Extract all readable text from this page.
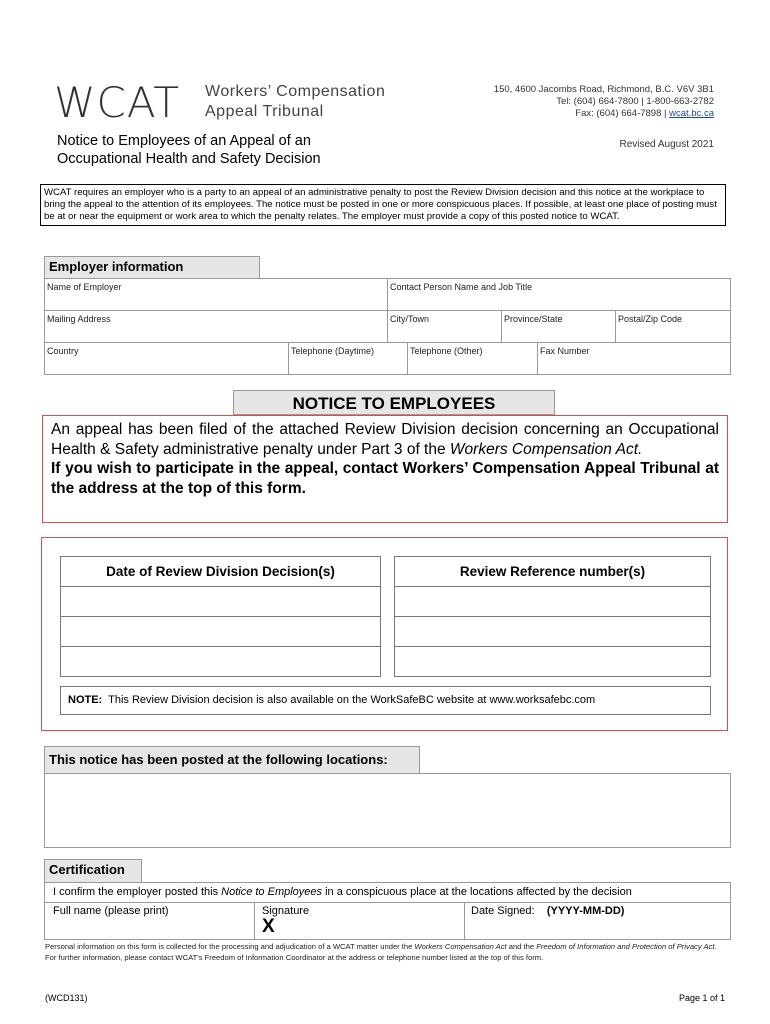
WCAT Workers’ Compensation
Appeal Tribunal
150, 4600 Jacombs Road, Richmond, B.C. V6V 3B1
Tel: (604) 664-7800 | 1-800-663-2782
Fax: (604) 664-7898 | wcat.bc.ca
Notice to Employees of an Appeal of an
Occupational Health and Safety Decision
Revised August 2021
WCAT requires an employer who is a party to an appeal of an administrative penalty to post the Review Division decision and this notice at the workplace to bring the appeal to the attention of its employees. The notice must be posted in one or more conspicuous places. If possible, at least one place of posting must be at or near the equipment or work area to which the penalty relates. The employer must provide a copy of this posted notice to WCAT.
Employer information
Name of Employer	Contact Person Name and Job Title
Mailing Address	City/Town	Province/State	Postal/Zip Code
Country	Telephone (Daytime)	Telephone (Other)	Fax Number
NOTICE TO EMPLOYEES

An appeal has been filed of the attached Review Division decision concerning an Occupational Health & Safety administrative penalty under Part 3 of the Workers Compensation Act.

If you wish to participate in the appeal, contact Workers’ Compensation Appeal Tribunal at the address at the top of this form.

Date of Review Division Decision(s)	Review Reference number(s)

NOTE: This Review Division decision is also available on the WorkSafeBC website at www.worksafebc.com
This notice has been posted at the following locations:
Certification
I confirm the employer posted this Notice to Employees in a conspicuous place at the locations affected by the decision
Full name (please print)	Signature
X
Date Signed: (YYYY-MM-DD)
Personal information on this form is collected for the processing and adjudication of a WCAT matter under the Workers Compensation Act and the Freedom of Information and Protection of Privacy Act. For further information, please contact WCAT’s Freedom of Information Coordinator at the address or telephone number listed at the top of this form.
(WCD131)	Page 1 of 1
